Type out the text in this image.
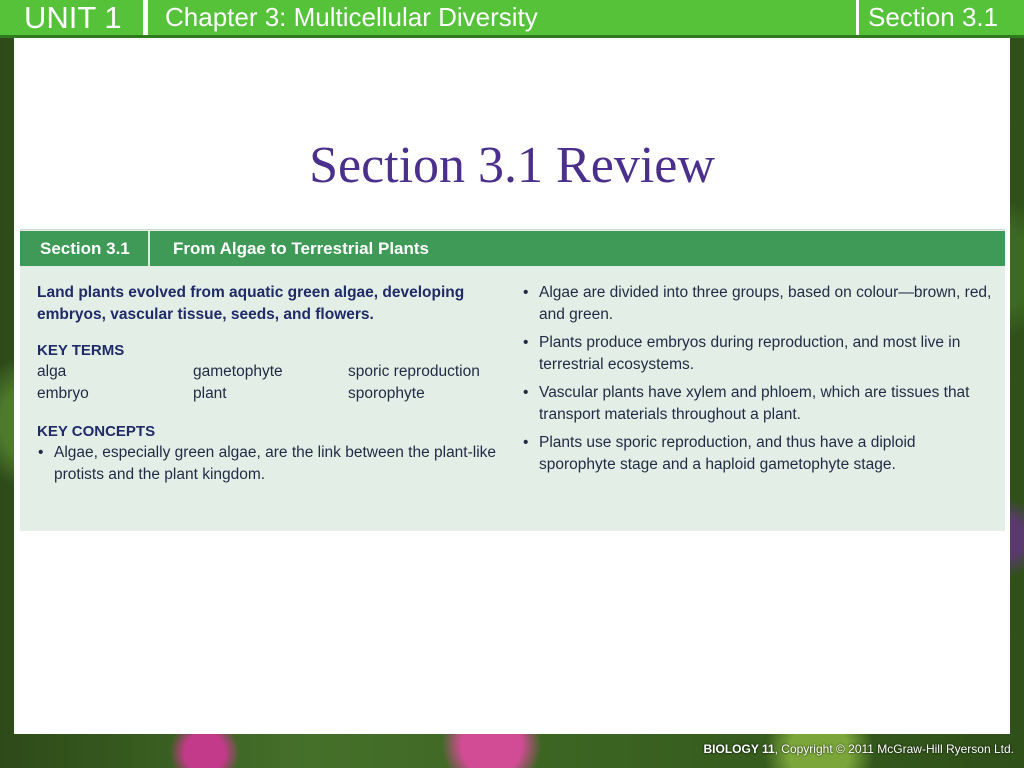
UNIT 1	Chapter 3: Multicellular Diversity	Section 3.1
Section 3.1 Review
Section 3.1	From Algae to Terrestrial Plants
Land plants evolved from aquatic green algae, developing embryos, vascular tissue, seeds, and flowers.
KEY TERMS
alga	gametophyte	sporic reproduction
embryo	plant	sporophyte
KEY CONCEPTS
• Algae, especially green algae, are the link between the plant-like protists and the plant kingdom.
• Algae are divided into three groups, based on colour—brown, red, and green.
• Plants produce embryos during reproduction, and most live in terrestrial ecosystems.
• Vascular plants have xylem and phloem, which are tissues that transport materials throughout a plant.
• Plants use sporic reproduction, and thus have a diploid sporophyte stage and a haploid gametophyte stage.
BIOLOGY 11, Copyright © 2011 McGraw-Hill Ryerson Ltd.
